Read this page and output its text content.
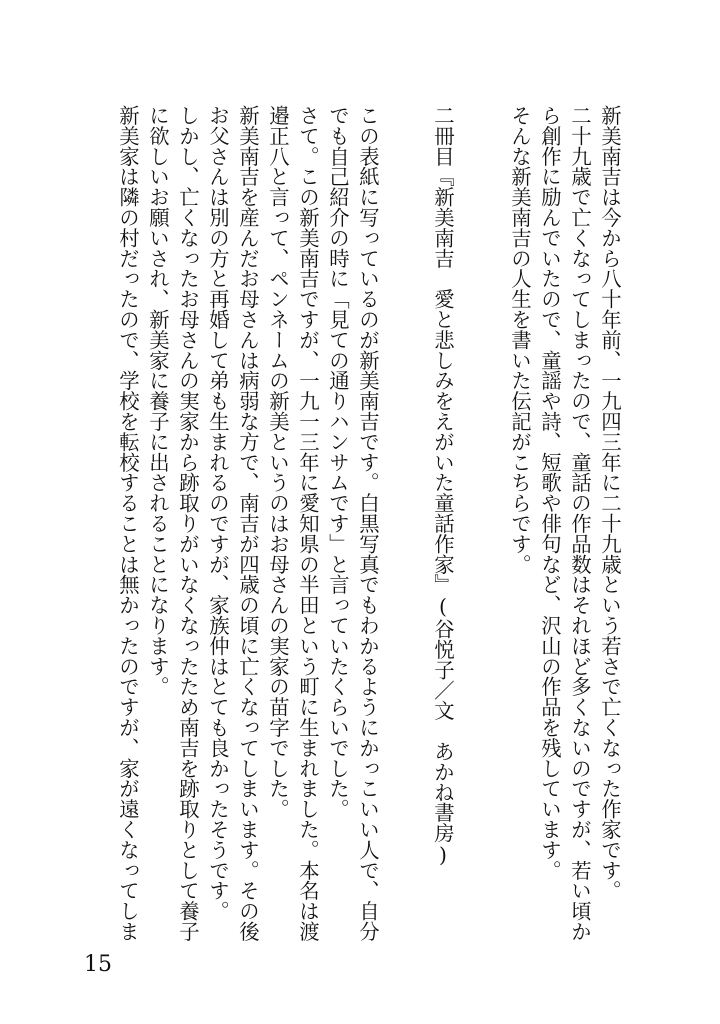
新美南吉は今から八十年前、一九四三年に二十九歳という若さで亡くなった作家です。
二十九歳で亡くなってしまったので、童話の作品数はそれほど多くないのですが、若い頃か
ら創作に励んでいたので、童謡や詩、短歌や俳句など、沢山の作品を残しています。
そんな新美南吉の人生を書いた伝記がこちらです。
二冊目『新美南吉　愛と悲しみをえがいた童話作家』(谷悦子／文　あかね書房)
この表紙に写っているのが新美南吉です。白黒写真でもわかるようにかっこいい人で、自分
でも自己紹介の時に「見ての通りハンサムです」と言っていたくらいでした。
さて。この新美南吉ですが、一九一三年に愛知県の半田という町に生まれました。本名は渡
邉正八と言って、ペンネームの新美というのはお母さんの実家の苗字でした。
新美南吉を産んだお母さんは病弱な方で、南吉が四歳の頃に亡くなってしまいます。その後
お父さんは別の方と再婚して弟も生まれるのですが、家族仲はとても良かったそうです。
しかし、亡くなったお母さんの実家から跡取りがいなくなったため南吉を跡取りとして養子
に欲しいお願いされ、新美家に養子に出されることになります。
新美家は隣の村だったので、学校を転校することは無かったのですが、家が遠くなってしま
15
